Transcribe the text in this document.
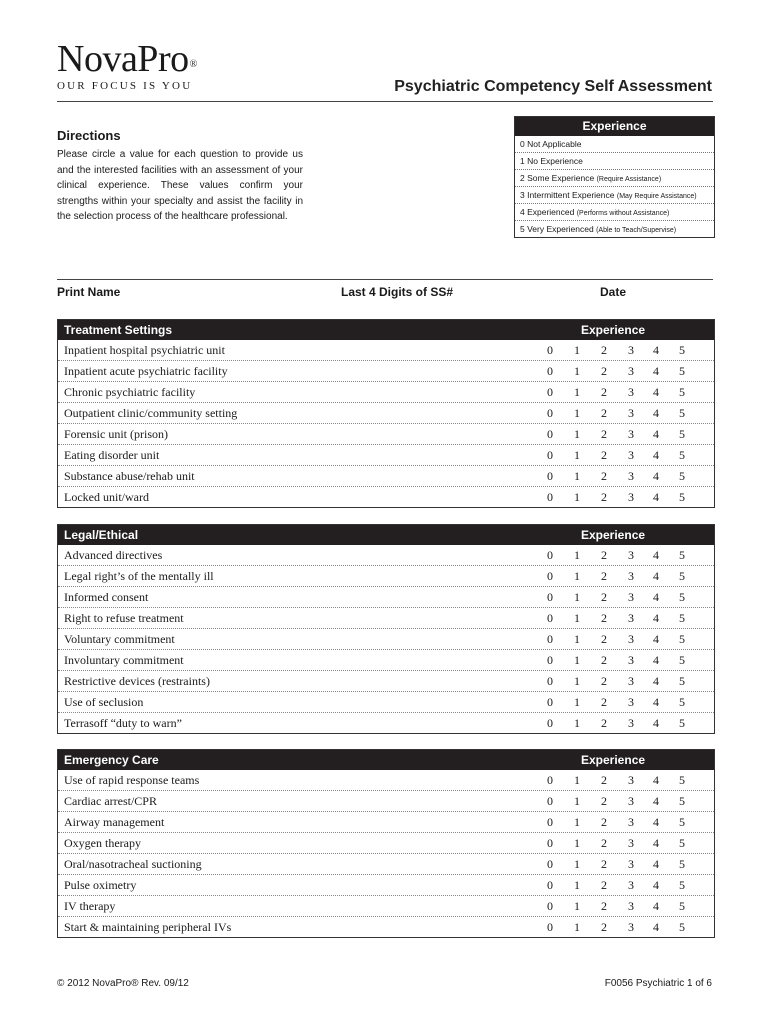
NovaPro®
OUR FOCUS IS YOU	Psychiatric Competency Self Assessment
Directions

Please circle a value for each question to provide us and the interested facilities with an assessment of your clinical experience. These values confirm your strengths within your specialty and assist the facility in the selection process of the healthcare professional.

Experience
0 Not Applicable
1 No Experience
2 Some Experience (Require Assistance)
3 Intermittent Experience (May Require Assistance)
4 Experienced (Performs without Assistance)
5 Very Experienced (Able to Teach/Supervise)
Print Name	Last 4 Digits of SS#	Date
Treatment Settings	Experience
Inpatient hospital psychiatric unit	0	1	2	3	4	5
Inpatient acute psychiatric facility	0	1	2	3	4	5
Chronic psychiatric facility	0	1	2	3	4	5
Outpatient clinic/community setting	0	1	2	3	4	5
Forensic unit (prison)	0	1	2	3	4	5
Eating disorder unit	0	1	2	3	4	5
Substance abuse/rehab unit	0	1	2	3	4	5
Locked unit/ward	0	1	2	3	4	5
Legal/Ethical	Experience
Advanced directives	0	1	2	3	4	5
Legal right’s of the mentally ill	0	1	2	3	4	5
Informed consent	0	1	2	3	4	5
Right to refuse treatment	0	1	2	3	4	5
Voluntary commitment	0	1	2	3	4	5
Involuntary commitment	0	1	2	3	4	5
Restrictive devices (restraints)	0	1	2	3	4	5
Use of seclusion	0	1	2	3	4	5
Terrasoff “duty to warn”	0	1	2	3	4	5
Emergency Care	Experience
Use of rapid response teams	0	1	2	3	4	5
Cardiac arrest/CPR	0	1	2	3	4	5
Airway management	0	1	2	3	4	5
Oxygen therapy	0	1	2	3	4	5
Oral/nasotracheal suctioning	0	1	2	3	4	5
Pulse oximetry	0	1	2	3	4	5
IV therapy	0	1	2	3	4	5
Start & maintaining peripheral IVs	0	1	2	3	4	5
© 2012 NovaPro® Rev. 09/12	F0056 Psychiatric 1 of 6
